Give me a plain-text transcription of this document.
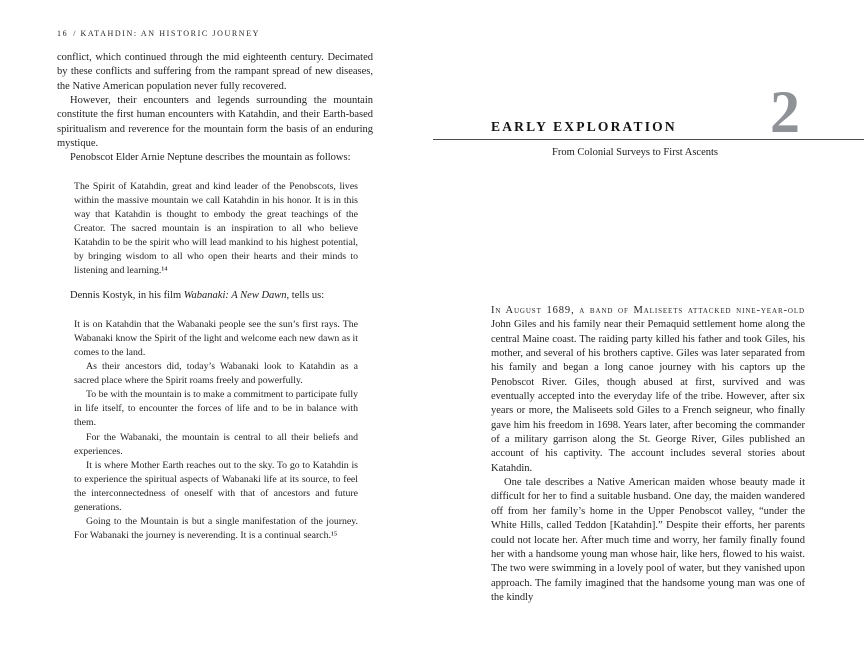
16 / KATAHDIN: AN HISTORIC JOURNEY

conflict, which continued through the mid eighteenth century. Decimated by these conflicts and suffering from the rampant spread of new diseases, the Native American population never fully recovered.

However, their encounters and legends surrounding the mountain constitute the first human encounters with Katahdin, and their Earth-based spiritualism and reverence for the mountain form the basis of an enduring mystique.

Penobscot Elder Arnie Neptune describes the mountain as follows:

The Spirit of Katahdin, great and kind leader of the Penobscots, lives within the massive mountain we call Katahdin in his honor. It is in this way that Katahdin is thought to embody the great teachings of the Creator. The sacred mountain is an inspiration to all who believe Katahdin to be the spirit who will lead mankind to his highest potential, by bringing wisdom to all who open their hearts and their minds to listening and learning.¹⁴

Dennis Kostyk, in his film Wabanaki: A New Dawn, tells us:

It is on Katahdin that the Wabanaki people see the sun’s first rays. The Wabanaki know the Spirit of the light and welcome each new dawn as it comes to the land.

As their ancestors did, today’s Wabanaki look to Katahdin as a sacred place where the Spirit roams freely and powerfully.

To be with the mountain is to make a commitment to participate fully in life itself, to encounter the forces of life and to be in balance with them.

For the Wabanaki, the mountain is central to all their beliefs and experiences.

It is where Mother Earth reaches out to the sky. To go to Katahdin is to experience the spiritual aspects of Wabanaki life at its source, to feel the interconnectedness of oneself with that of ancestors and future generations.

Going to the Mountain is but a single manifestation of the journey. For Wabanaki the journey is neverending. It is a continual search.¹⁵

2
EARLY EXPLORATION
From Colonial Surveys to First Ascents

In August 1689, a band of Maliseets attacked nine-year-old John Giles and his family near their Pemaquid settlement home along the central Maine coast. The raiding party killed his father and took Giles, his mother, and several of his brothers captive. Giles was later separated from his family and began a long canoe journey with his captors up the Penobscot River. Giles, though abused at first, survived and was eventually accepted into the everyday life of the tribe. However, after six years or more, the Maliseets sold Giles to a French seigneur, who finally gave him his freedom in 1698. Years later, after becoming the commander of a military garrison along the St. George River, Giles published an account of his captivity. The account includes several stories about Katahdin.

One tale describes a Native American maiden whose beauty made it difficult for her to find a suitable husband. One day, the maiden wandered off from her family’s home in the Upper Penobscot valley, “under the White Hills, called Teddon [Katahdin].” Despite their efforts, her parents could not locate her. After much time and worry, her family finally found her with a handsome young man whose hair, like hers, flowed to his waist. The two were swimming in a lovely pool of water, but they vanished upon approach. The family imagined that the handsome young man was one of the kindly
